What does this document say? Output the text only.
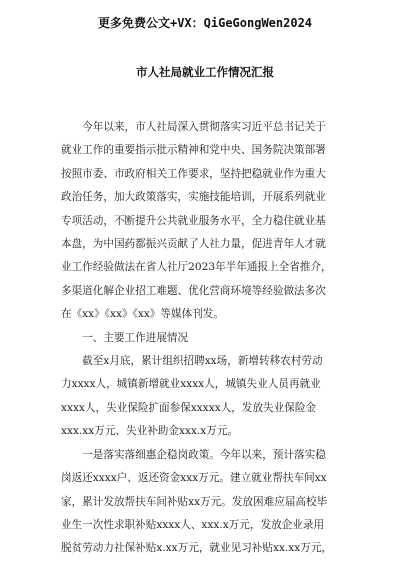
更多免费公文+VX：QiGeGongWen2024
市人社局就业工作情况汇报
　　今年以来，市人社局深入贯彻落实习近平总书记关于
就业工作的重要指示批示精神和党中央、国务院决策部署
按照市委、市政府相关工作要求，坚持把稳就业作为重大
政治任务，加大政策落实，实施技能培训，开展系列就业
专项活动，不断提升公共就业服务水平，全力稳住就业基
本盘，为中国药都振兴贡献了人社力量，促进青年人才就
业工作经验做法在省人社厅2023年半年通报上全省推介，
多渠道化解企业招工难题、优化营商环境等经验做法多次
在《xx》《xx》《xx》等媒体刊发。
　　一、主要工作进展情况
　　截至x月底，累计组织招聘xx场，新增转移农村劳动
力xxxx人，城镇新增就业xxxx人，城镇失业人员再就业
xxxx人，失业保险扩面参保xxxxx人，发放失业保险金
xxx.xx万元、失业补助金xxx.x万元。
　　一是落实落细惠企稳岗政策。今年以来，预计落实稳
岗返还xxxx户、返还资金xxx万元。建立就业帮扶车间xx
家，累计发放帮扶车间补贴xx万元。发放困难应届高校毕
业生一次性求职补贴xxxx人、xxx.x万元，发放企业录用
脱贫劳动力社保补贴x.xx万元，就业见习补贴xx.xx万元，
